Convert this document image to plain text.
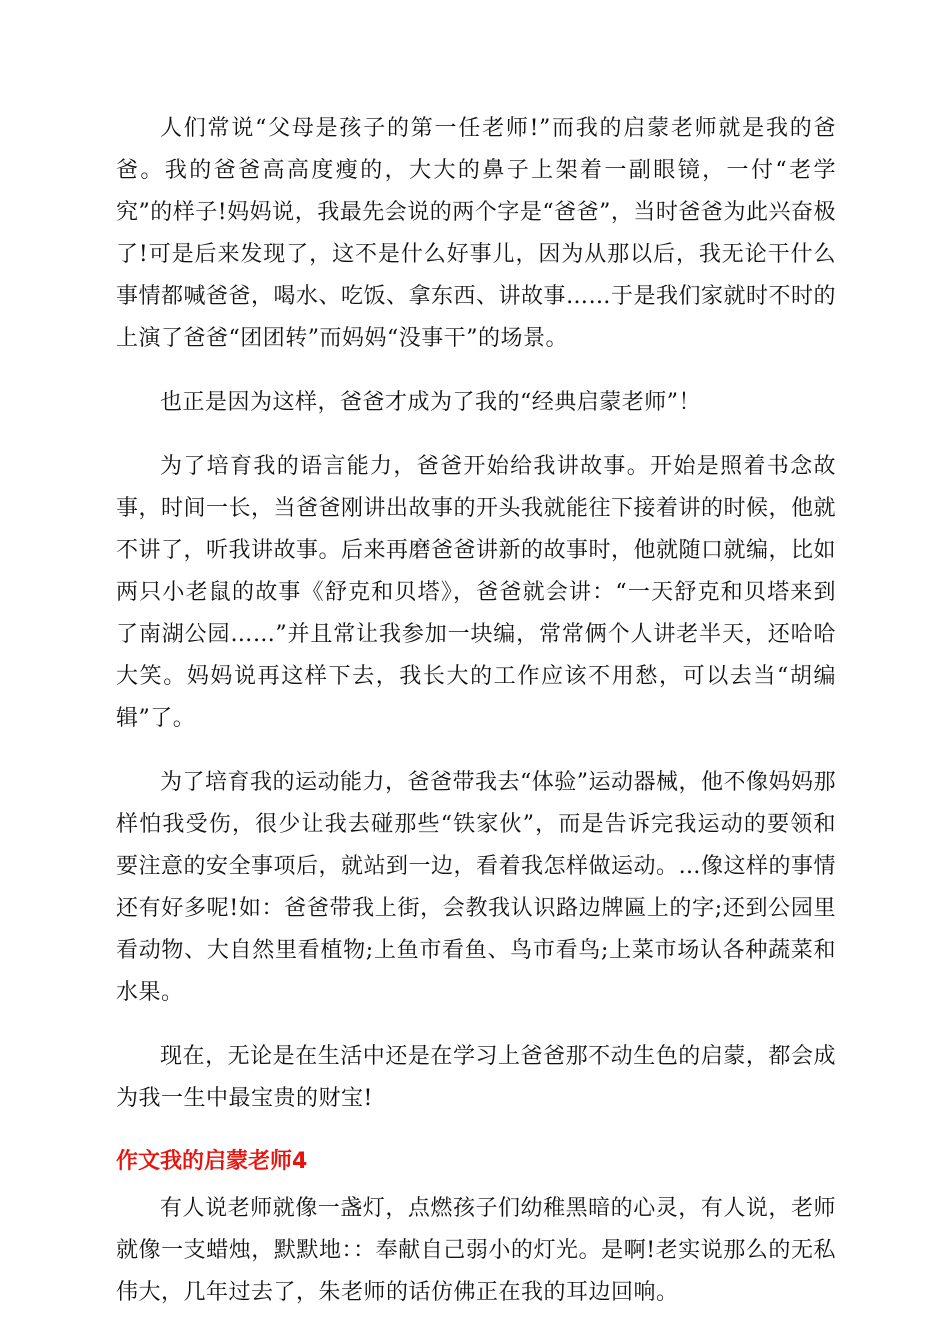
人们常说“父母是孩子的第一任老师!”而我的启蒙老师就是我的爸爸。我的爸爸高高度瘦的，大大的鼻子上架着一副眼镜，一付“老学究”的样子!妈妈说，我最先会说的两个字是“爸爸”，当时爸爸为此兴奋极了!可是后来发现了，这不是什么好事儿，因为从那以后，我无论干什么事情都喊爸爸，喝水、吃饭、拿东西、讲故事……于是我们家就时不时的上演了爸爸“团团转”而妈妈“没事干”的场景。

也正是因为这样，爸爸才成为了我的“经典启蒙老师”！

为了培育我的语言能力，爸爸开始给我讲故事。开始是照着书念故事，时间一长，当爸爸刚讲出故事的开头我就能往下接着讲的时候，他就不讲了，听我讲故事。后来再磨爸爸讲新的故事时，他就随口就编，比如两只小老鼠的故事《舒克和贝塔》，爸爸就会讲：“一天舒克和贝塔来到了南湖公园……”并且常让我参加一块编，常常俩个人讲老半天，还哈哈大笑。妈妈说再这样下去，我长大的工作应该不用愁，可以去当“胡编辑”了。

为了培育我的运动能力，爸爸带我去“体验”运动器械，他不像妈妈那样怕我受伤，很少让我去碰那些“铁家伙”，而是告诉完我运动的要领和要注意的安全事项后，就站到一边，看着我怎样做运动。…像这样的事情还有好多呢!如：爸爸带我上街，会教我认识路边牌匾上的字;还到公园里看动物、大自然里看植物;上鱼市看鱼、鸟市看鸟;上菜市场认各种蔬菜和水果。

现在，无论是在生活中还是在学习上爸爸那不动生色的启蒙，都会成为我一生中最宝贵的财宝!

作文我的启蒙老师4

有人说老师就像一盏灯，点燃孩子们幼稚黑暗的心灵，有人说，老师就像一支蜡烛，默默地：：奉献自己弱小的灯光。是啊!老实说那么的无私伟大，几年过去了，朱老师的话仿佛正在我的耳边回响。
